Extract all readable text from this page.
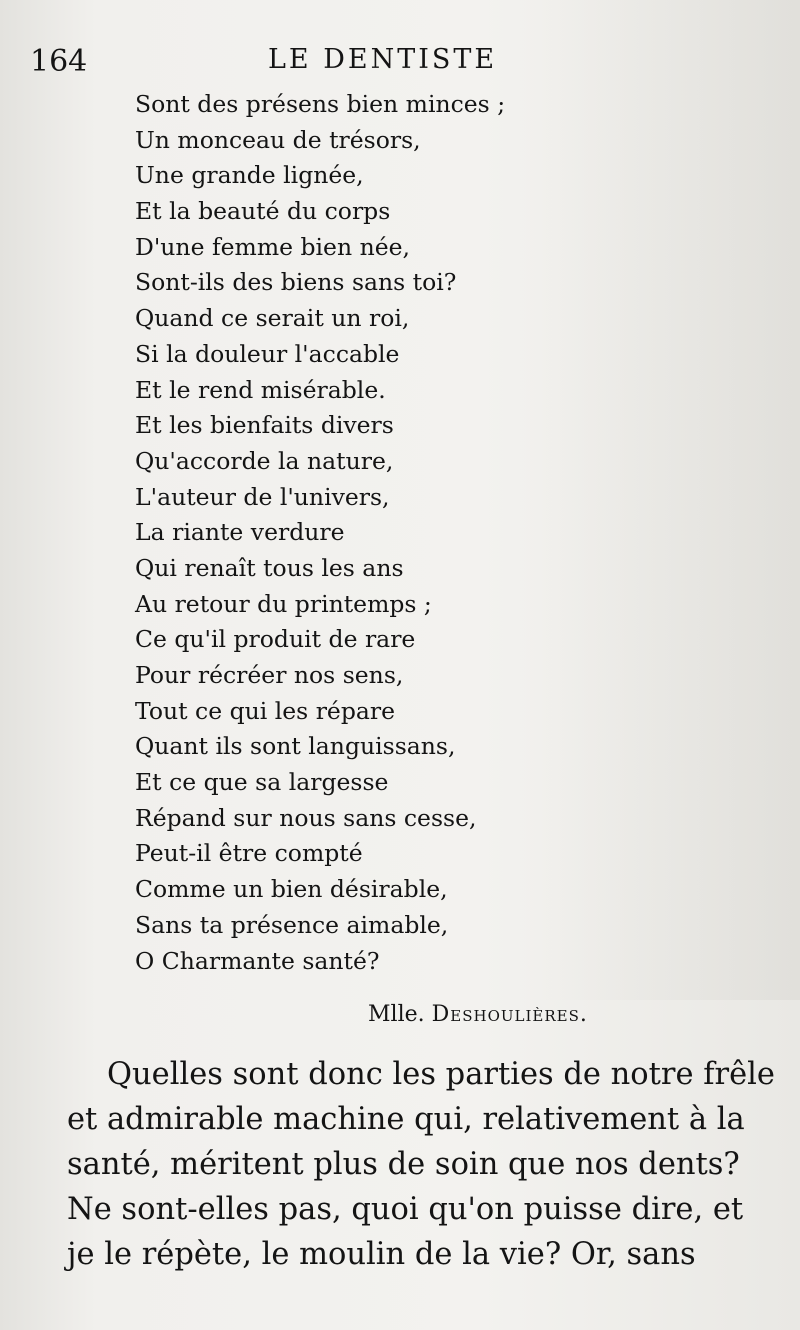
164	LE DENTISTE
Sont des présens bien minces ;
Un monceau de trésors,
Une grande lignée,
Et la beauté du corps
D'une femme bien née,
Sont-ils des biens sans toi?
Quand ce serait un roi,
Si la douleur l'accable
Et le rend misérable.
Et les bienfaits divers
Qu'accorde la nature,
L'auteur de l'univers,
La riante verdure
Qui renaît tous les ans
Au retour du printemps ;
Ce qu'il produit de rare
Pour récréer nos sens,
Tout ce qui les répare
Quant ils sont languissans,
Et ce que sa largesse
Répand sur nous sans cesse,
Peut-il être compté
Comme un bien désirable,
Sans ta présence aimable,
O Charmante santé?
Mlle. Deshoulières.
Quelles sont donc les parties de notre frêle
et admirable machine qui, relativement à la
santé, méritent plus de soin que nos dents?
Ne sont-elles pas, quoi qu'on puisse dire, et
je le répète, le moulin de la vie? Or, sans
